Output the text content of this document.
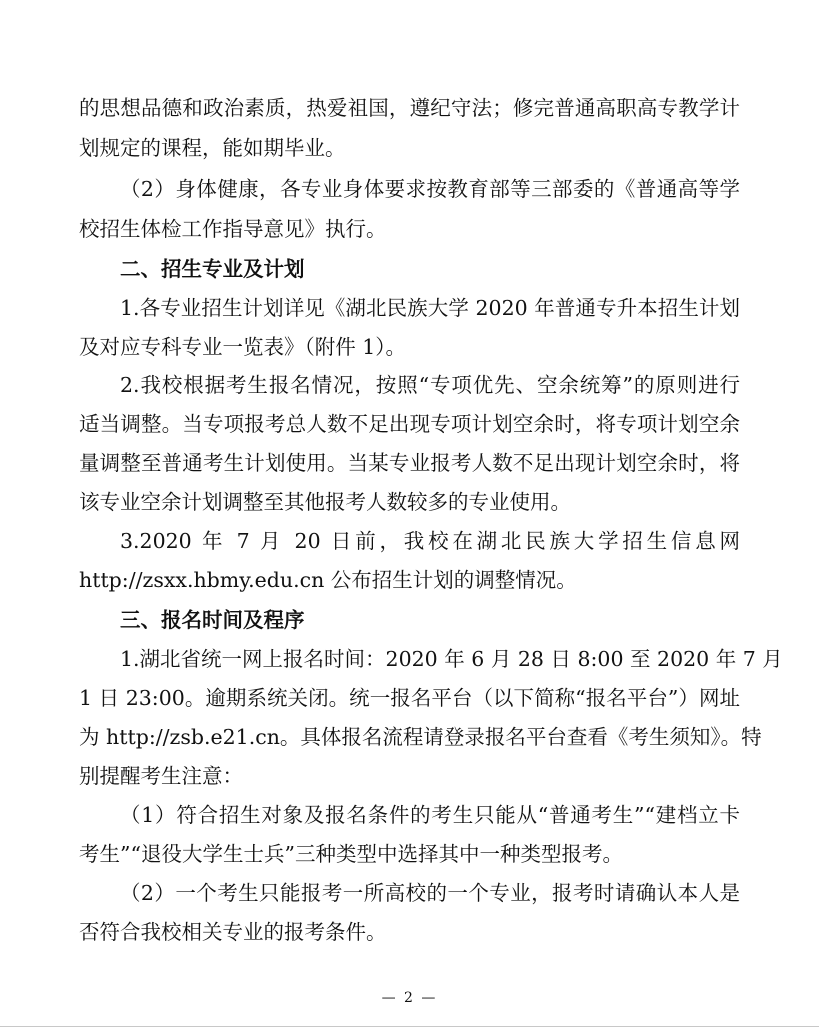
的思想品德和政治素质，热爱祖国，遵纪守法；修完普通高职高专教学计
划规定的课程，能如期毕业。
（2）身体健康，各专业身体要求按教育部等三部委的《普通高等学
校招生体检工作指导意见》执行。
二、招生专业及计划
1.各专业招生计划详见《湖北民族大学 2020 年普通专升本招生计划
及对应专科专业一览表》（附件 1）。
2.我校根据考生报名情况，按照“专项优先、空余统筹”的原则进行
适当调整。当专项报考总人数不足出现专项计划空余时，将专项计划空余
量调整至普通考生计划使用。当某专业报考人数不足出现计划空余时，将
该专业空余计划调整至其他报考人数较多的专业使用。
3.2020 年 7 月 20 日前，我校在湖北民族大学招生信息网
http://zsxx.hbmy.edu.cn 公布招生计划的调整情况。
三、报名时间及程序
1.湖北省统一网上报名时间：2020 年 6 月 28 日 8:00 至 2020 年 7 月
1 日 23:00。逾期系统关闭。统一报名平台（以下简称“报名平台”）网址
为 http://zsb.e21.cn。具体报名流程请登录报名平台查看《考生须知》。特
别提醒考生注意：
（1）符合招生对象及报名条件的考生只能从“普通考生”“建档立卡
考生”“退役大学生士兵”三种类型中选择其中一种类型报考。
（2）一个考生只能报考一所高校的一个专业，报考时请确认本人是
否符合我校相关专业的报考条件。
— 2 —
